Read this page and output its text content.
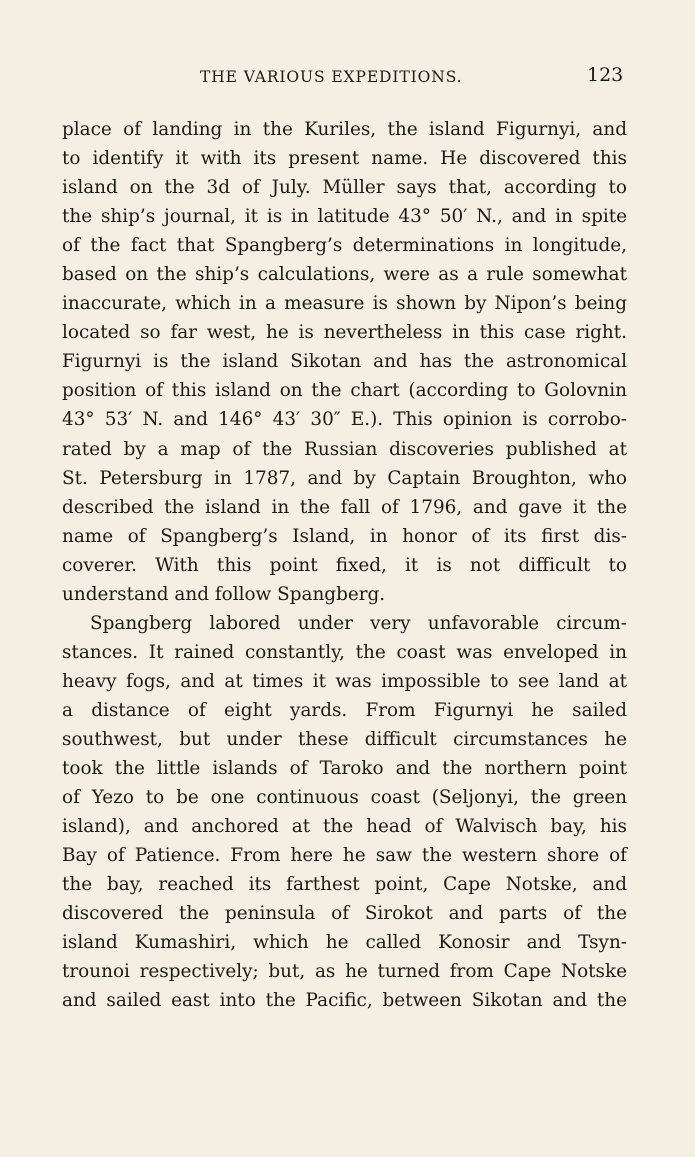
THE VARIOUS EXPEDITIONS.	123
place of landing in the Kuriles, the island Figurnyi, and
to identify it with its present name. He discovered this
island on the 3d of July. Müller says that, according to
the ship’s journal, it is in latitude 43° 50′ N., and in spite
of the fact that Spangberg’s determinations in longitude,
based on the ship’s calculations, were as a rule somewhat
inaccurate, which in a measure is shown by Nipon’s being
located so far west, he is nevertheless in this case right.
Figurnyi is the island Sikotan and has the astronomical
position of this island on the chart (according to Golovnin
43° 53′ N. and 146° 43′ 30″ E.). This opinion is corrobo-
rated by a map of the Russian discoveries published at
St. Petersburg in 1787, and by Captain Broughton, who
described the island in the fall of 1796, and gave it the
name of Spangberg’s Island, in honor of its first dis-
coverer. With this point fixed, it is not difficult to
understand and follow Spangberg.
Spangberg labored under very unfavorable circum-
stances. It rained constantly, the coast was enveloped in
heavy fogs, and at times it was impossible to see land at
a distance of eight yards. From Figurnyi he sailed
southwest, but under these difficult circumstances he
took the little islands of Taroko and the northern point
of Yezo to be one continuous coast (Seljonyi, the green
island), and anchored at the head of Walvisch bay, his
Bay of Patience. From here he saw the western shore of
the bay, reached its farthest point, Cape Notske, and
discovered the peninsula of Sirokot and parts of the
island Kumashiri, which he called Konosir and Tsyn-
trounoi respectively; but, as he turned from Cape Notske
and sailed east into the Pacific, between Sikotan and the
